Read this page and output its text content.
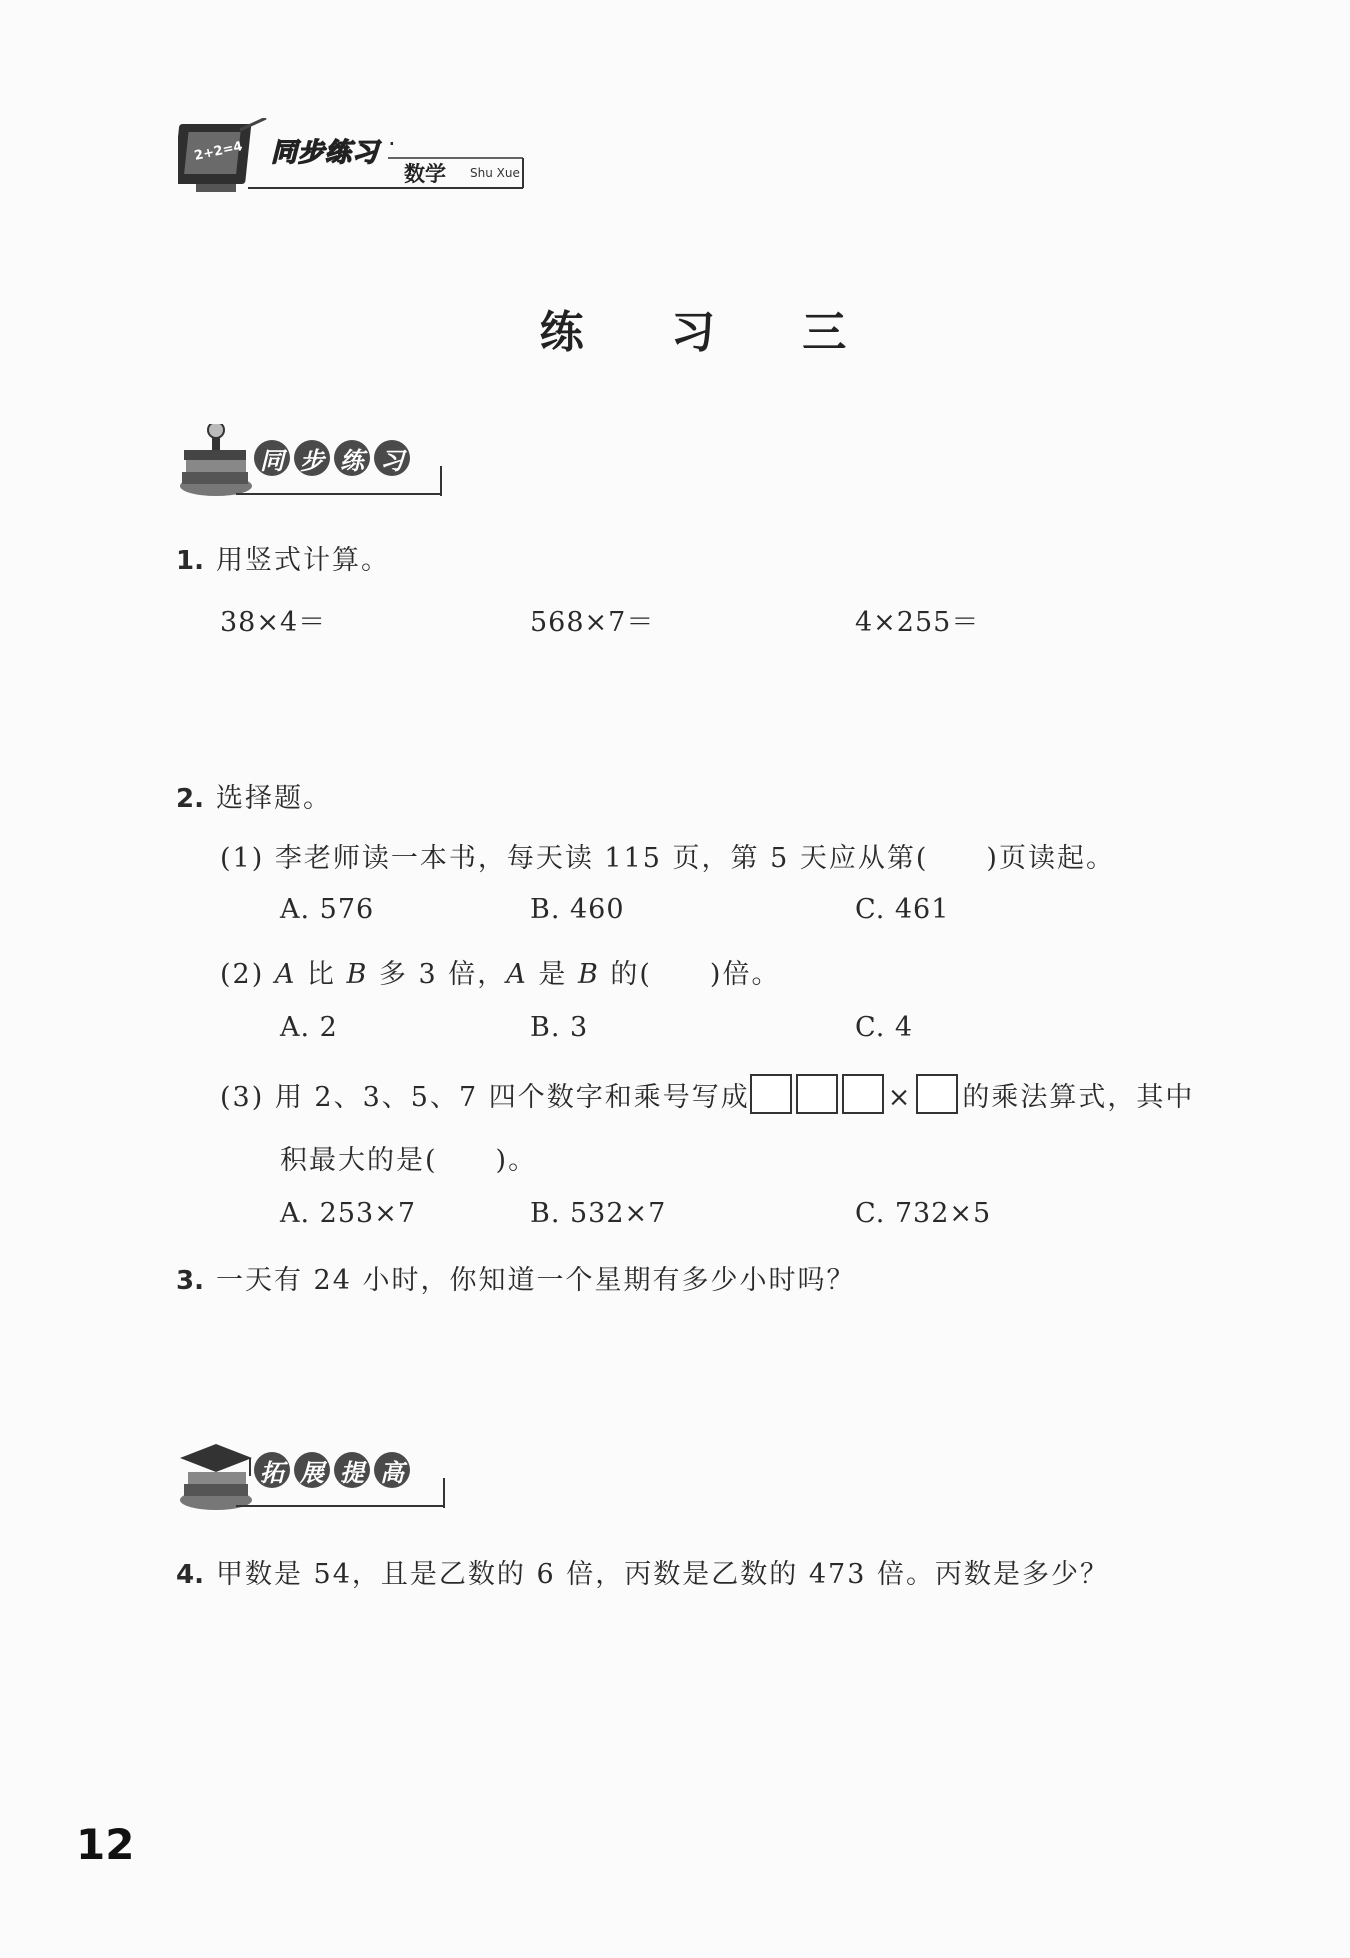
2+2=4 同步练习 ·
数学 Shu Xue
练 习 三
同 步 练 习
1. 用竖式计算。
38×4＝	568×7＝	4×255＝
2. 选择题。
(1) 李老师读一本书，每天读 115 页，第 5 天应从第(　　)页读起。
A. 576	B. 460	C. 461
(2) A 比 B 多 3 倍，A 是 B 的(　　)倍。
A. 2	B. 3	C. 4
(3) 用 2、3、5、7 四个数字和乘号写成	× 的乘法算式，其中
积最大的是(　　)。
A. 253×7	B. 532×7	C. 732×5
3. 一天有 24 小时，你知道一个星期有多少小时吗？
拓 展 提 高
4. 甲数是 54，且是乙数的 6 倍，丙数是乙数的 473 倍。丙数是多少？
12
